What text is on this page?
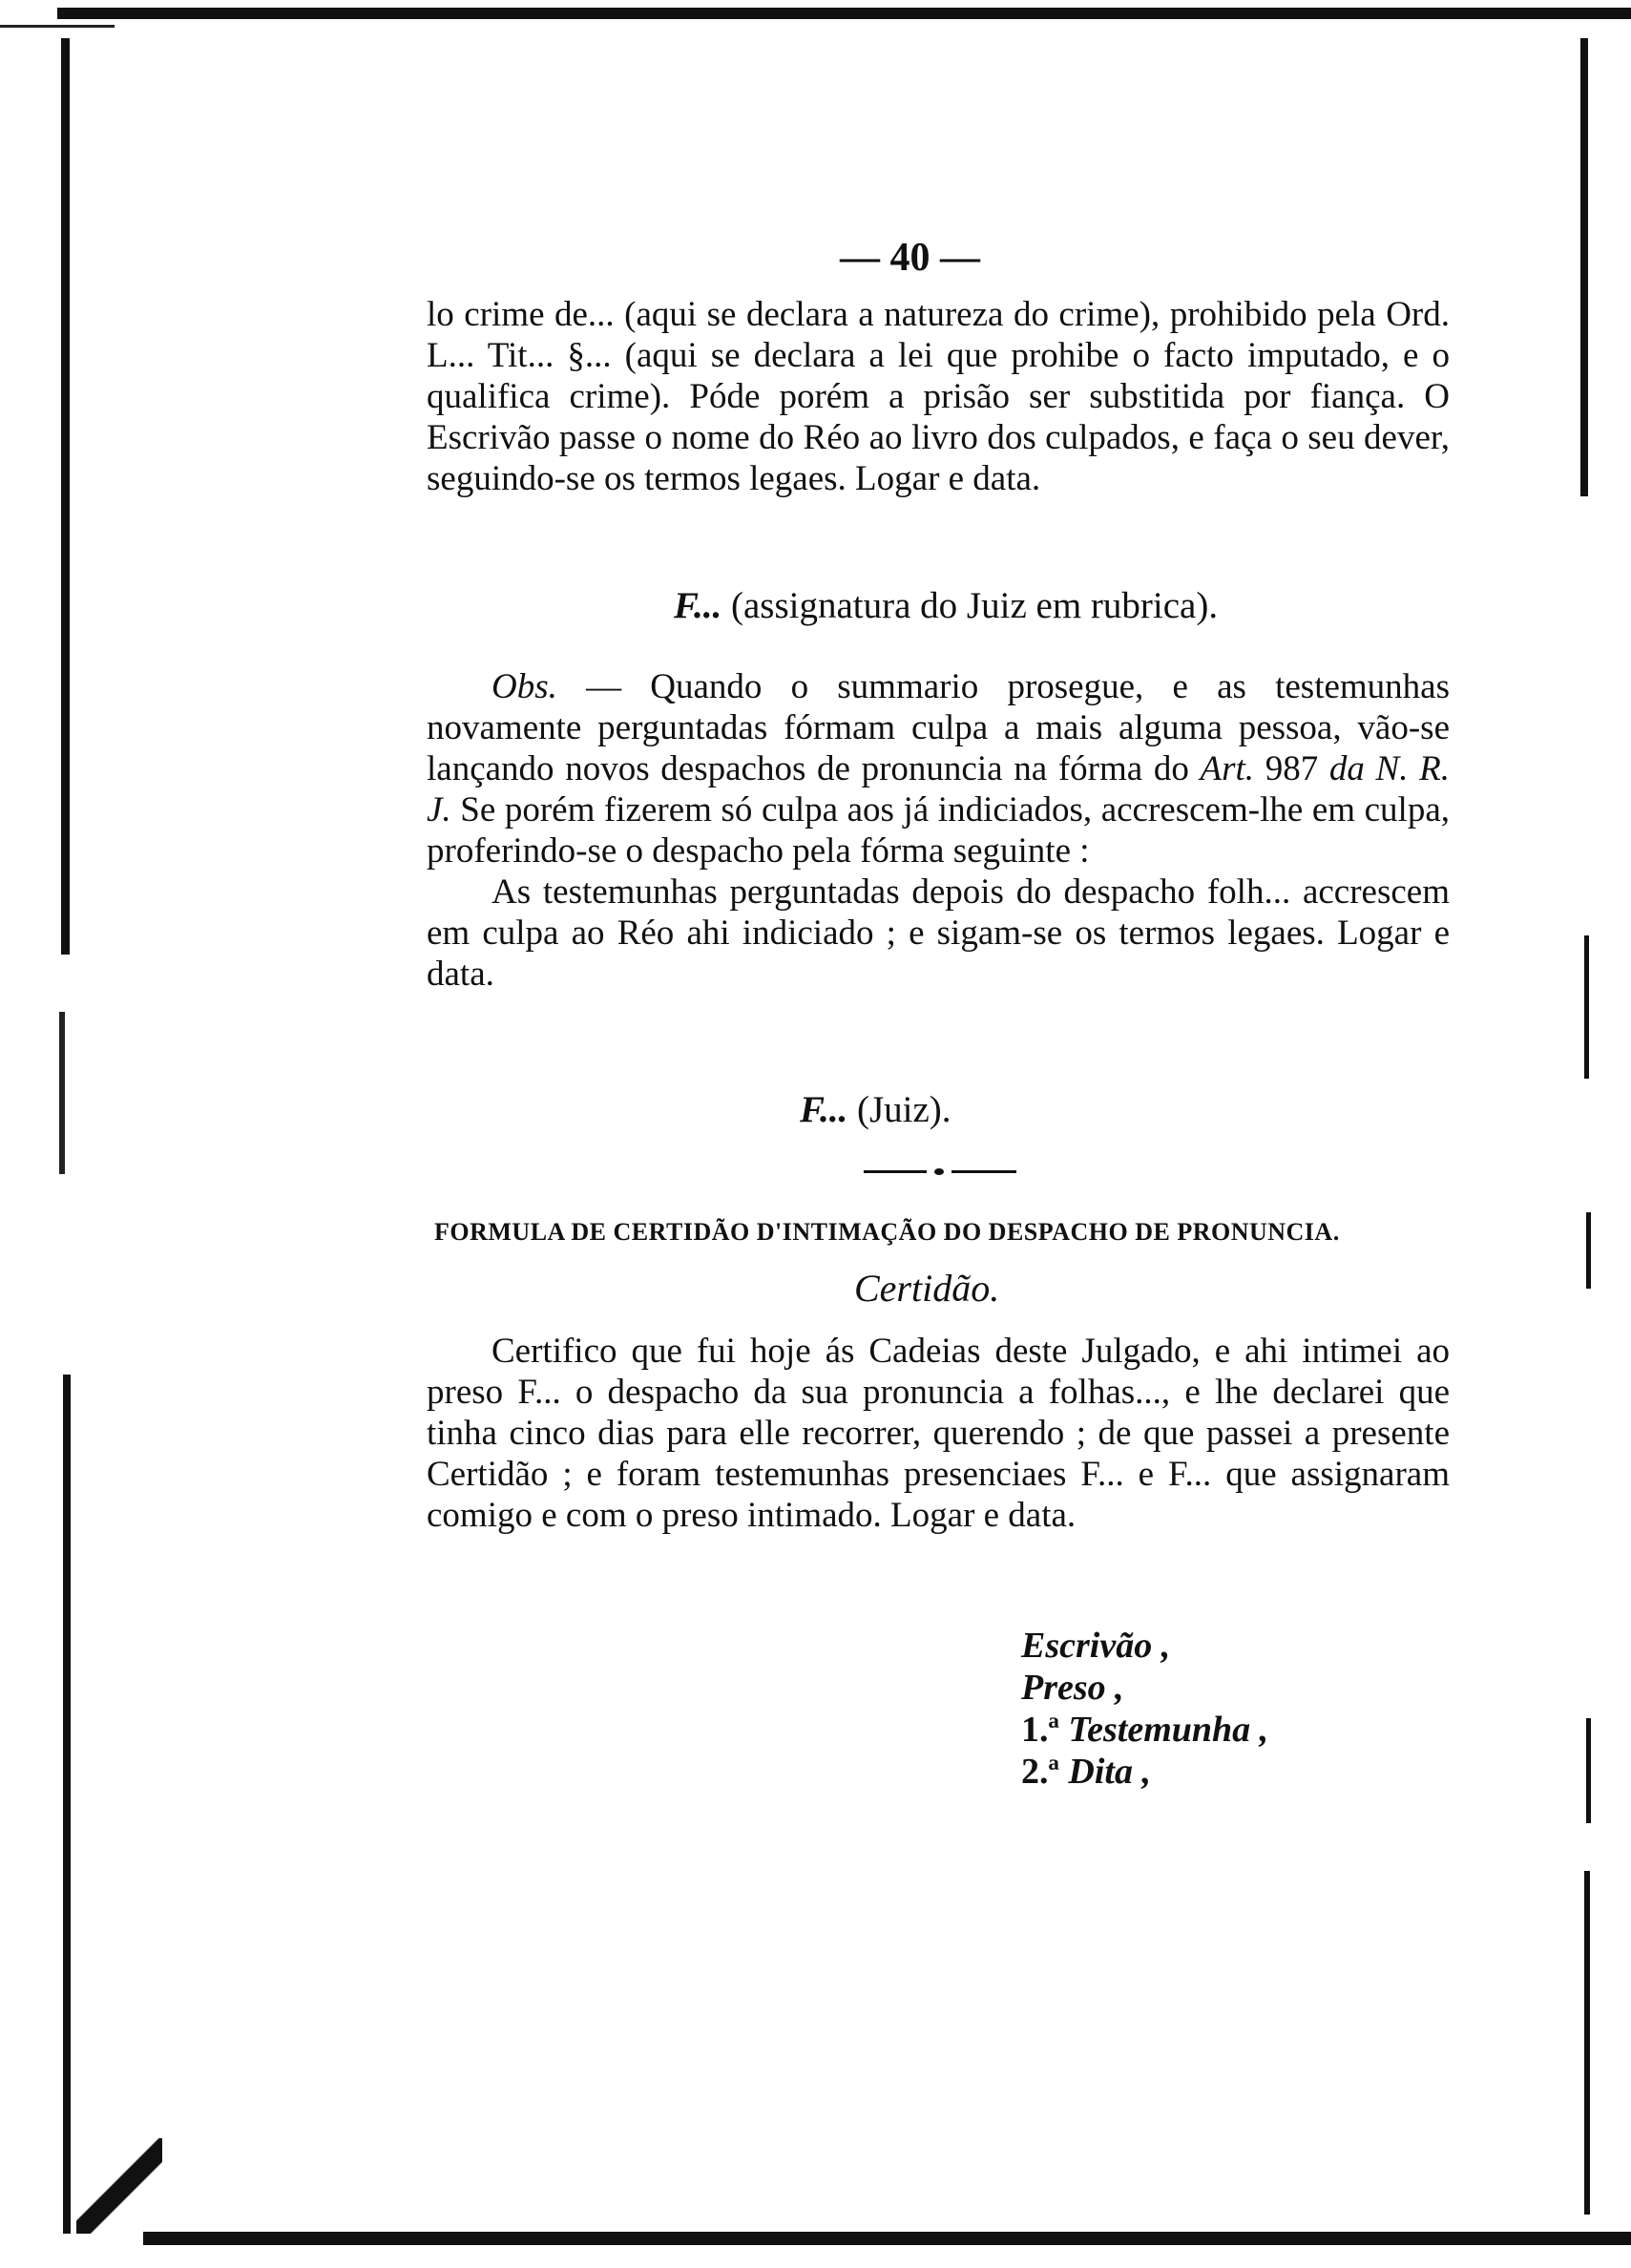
— 40 —

lo crime de... (aqui se declara a natureza do crime), prohibido pela Ord. L... Tit... §... (aqui se declara a lei que prohibe o facto imputado, e o qualifica crime). Póde porém a prisão ser substitida por fiança. O Escrivão passe o nome do Réo ao livro dos culpados, e faça o seu dever, seguindo-se os termos legaes. Logar e data.

F... (assignatura do Juiz em rubrica).

Obs. — Quando o summario prosegue, e as testemunhas novamente perguntadas fórmam culpa a mais alguma pessoa, vão-se lançando novos despachos de pronuncia na fórma do Art. 987 da N. R. J. Se porém fizerem só culpa aos já indiciados, accrescem-lhe em culpa, proferindo-se o despacho pela fórma seguinte :

As testemunhas perguntadas depois do despacho folh... accrescem em culpa ao Réo ahi indiciado ; e sigam-se os termos legaes. Logar e data.

F... (Juiz).
FORMULA DE CERTIDÃO D'INTIMAÇÃO DO DESPACHO DE PRONUNCIA.
Certidão.

Certifico que fui hoje ás Cadeias deste Julgado, e ahi intimei ao preso F... o despacho da sua pronuncia a folhas..., e lhe declarei que tinha cinco dias para elle recorrer, querendo ; de que passei a presente Certidão ; e foram testemunhas presenciaes F... e F... que assignaram comigo e com o preso intimado. Logar e data.

Escrivão ,
Preso ,
1.ª Testemunha ,
2.ª Dita ,
